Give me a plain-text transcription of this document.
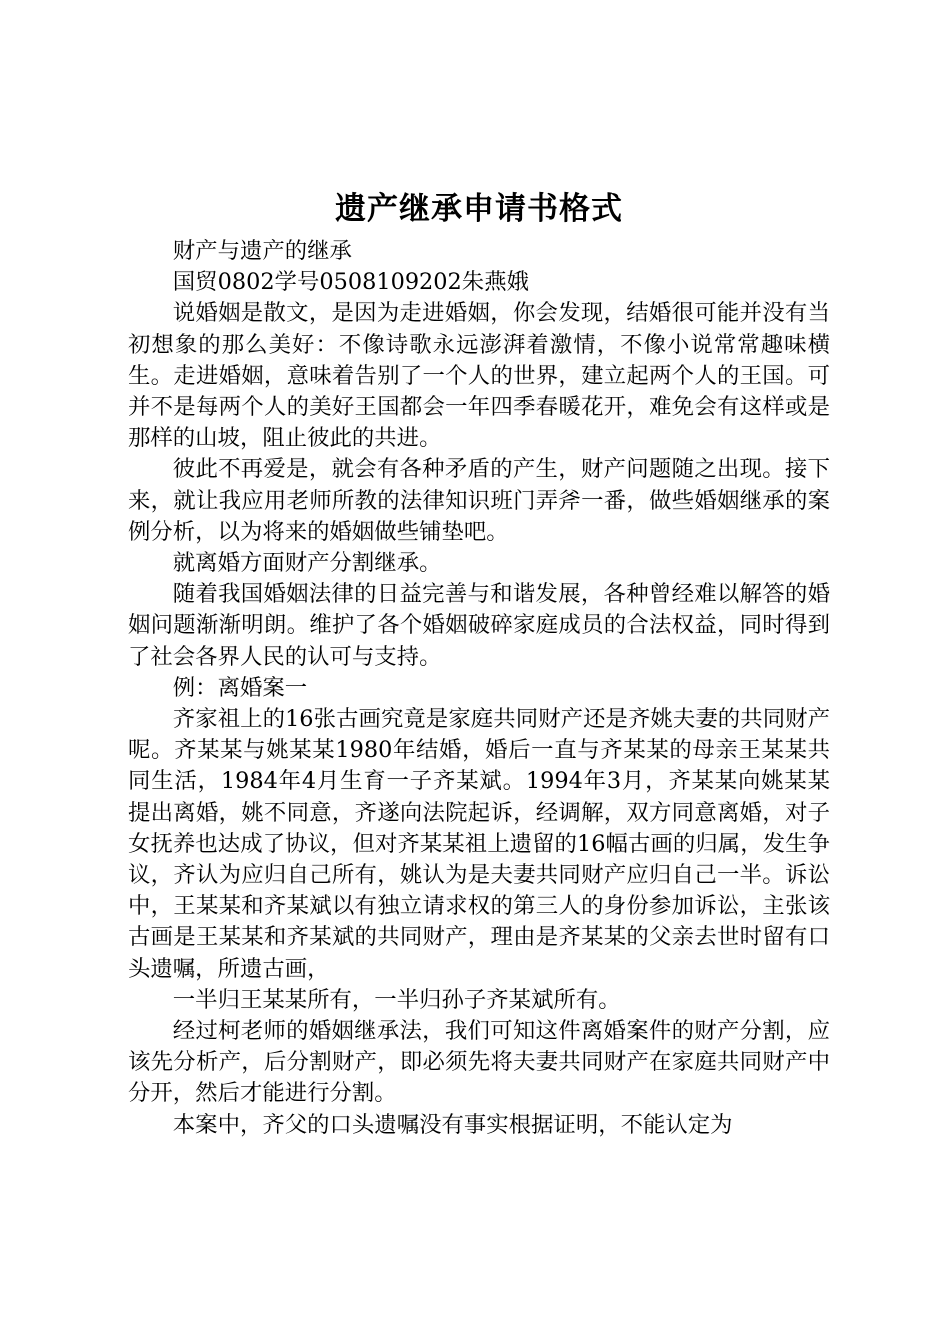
遗产继承申请书格式

财产与遗产的继承

国贸0802学号0508109202朱燕娥

说婚姻是散文，是因为走进婚姻，你会发现，结婚很可能并没有当初想象的那么美好：不像诗歌永远澎湃着激情，不像小说常常趣味横生。走进婚姻，意味着告别了一个人的世界，建立起两个人的王国。可并不是每两个人的美好王国都会一年四季春暖花开，难免会有这样或是那样的山坡，阻止彼此的共进。

彼此不再爱是，就会有各种矛盾的产生，财产问题随之出现。接下来，就让我应用老师所教的法律知识班门弄斧一番，做些婚姻继承的案例分析，以为将来的婚姻做些铺垫吧。

就离婚方面财产分割继承。

随着我国婚姻法律的日益完善与和谐发展，各种曾经难以解答的婚姻问题渐渐明朗。维护了各个婚姻破碎家庭成员的合法权益，同时得到了社会各界人民的认可与支持。

例：离婚案一

齐家祖上的16张古画究竟是家庭共同财产还是齐姚夫妻的共同财产呢。齐某某与姚某某1980年结婚，婚后一直与齐某某的母亲王某某共同生活，1984年4月生育一子齐某斌。1994年3月，齐某某向姚某某提出离婚，姚不同意，齐遂向法院起诉，经调解，双方同意离婚，对子女抚养也达成了协议，但对齐某某祖上遗留的16幅古画的归属，发生争议，齐认为应归自己所有，姚认为是夫妻共同财产应归自己一半。诉讼中，王某某和齐某斌以有独立请求权的第三人的身份参加诉讼，主张该古画是王某某和齐某斌的共同财产，理由是齐某某的父亲去世时留有口头遗嘱，所遗古画，

一半归王某某所有，一半归孙子齐某斌所有。

经过柯老师的婚姻继承法，我们可知这件离婚案件的财产分割，应该先分析产，后分割财产，即必须先将夫妻共同财产在家庭共同财产中分开，然后才能进行分割。

本案中，齐父的口头遗嘱没有事实根据证明，不能认定为
